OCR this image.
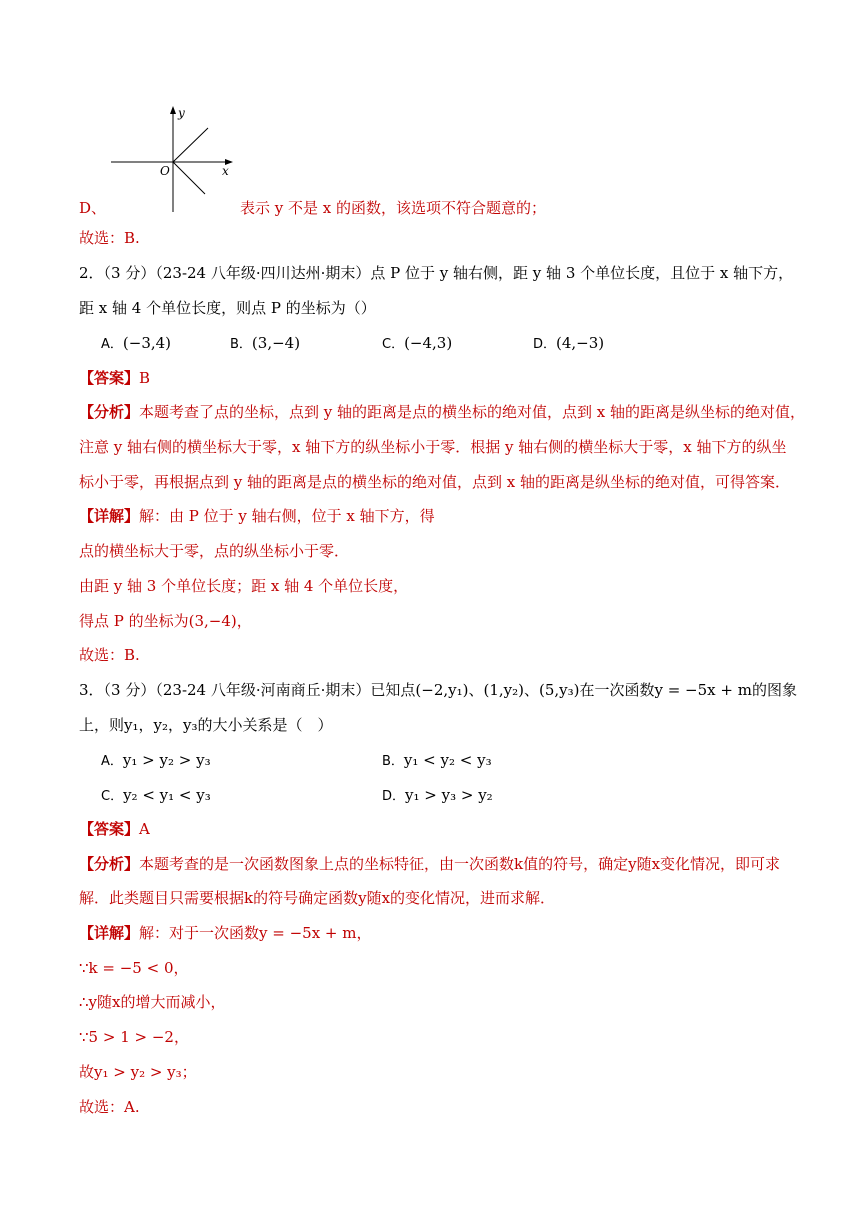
y
x
O
D、	表示 y 不是 x 的函数，该选项不符合题意的；
故选：B.
2．（3 分）（23-24 八年级·四川达州·期末）点 P 位于 y 轴右侧，距 y 轴 3 个单位长度，且位于 x 轴下方，
距 x 轴 4 个单位长度，则点 P 的坐标为（）
A．(−3,4)	B．(3,−4)	C．(−4,3)	D．(4,−3)
【答案】B
【分析】本题考查了点的坐标，点到 y 轴的距离是点的横坐标的绝对值，点到 x 轴的距离是纵坐标的绝对值，
注意 y 轴右侧的横坐标大于零，x 轴下方的纵坐标小于零．根据 y 轴右侧的横坐标大于零，x 轴下方的纵坐
标小于零，再根据点到 y 轴的距离是点的横坐标的绝对值，点到 x 轴的距离是纵坐标的绝对值，可得答案．
【详解】解：由 P 位于 y 轴右侧，位于 x 轴下方，得
点的横坐标大于零，点的纵坐标小于零．
由距 y 轴 3 个单位长度；距 x 轴 4 个单位长度，
得点 P 的坐标为(3,−4)，
故选：B.
3．（3 分）（23-24 八年级·河南商丘·期末）已知点(−2,y₁)、(1,y₂)、(5,y₃)在一次函数y = −5x + m的图象
上，则y₁，y₂，y₃的大小关系是（　）
A．y₁ > y₂ > y₃	B．y₁ < y₂ < y₃
C．y₂ < y₁ < y₃	D．y₁ > y₃ > y₂
【答案】A
【分析】本题考查的是一次函数图象上点的坐标特征，由一次函数k值的符号，确定y随x变化情况，即可求
解．此类题目只需要根据k的符号确定函数y随x的变化情况，进而求解．
【详解】解：对于一次函数y = −5x + m，
∵k = −5 < 0，
∴y随x的增大而减小，
∵5 > 1 > −2，
故y₁ > y₂ > y₃；
故选：A.
